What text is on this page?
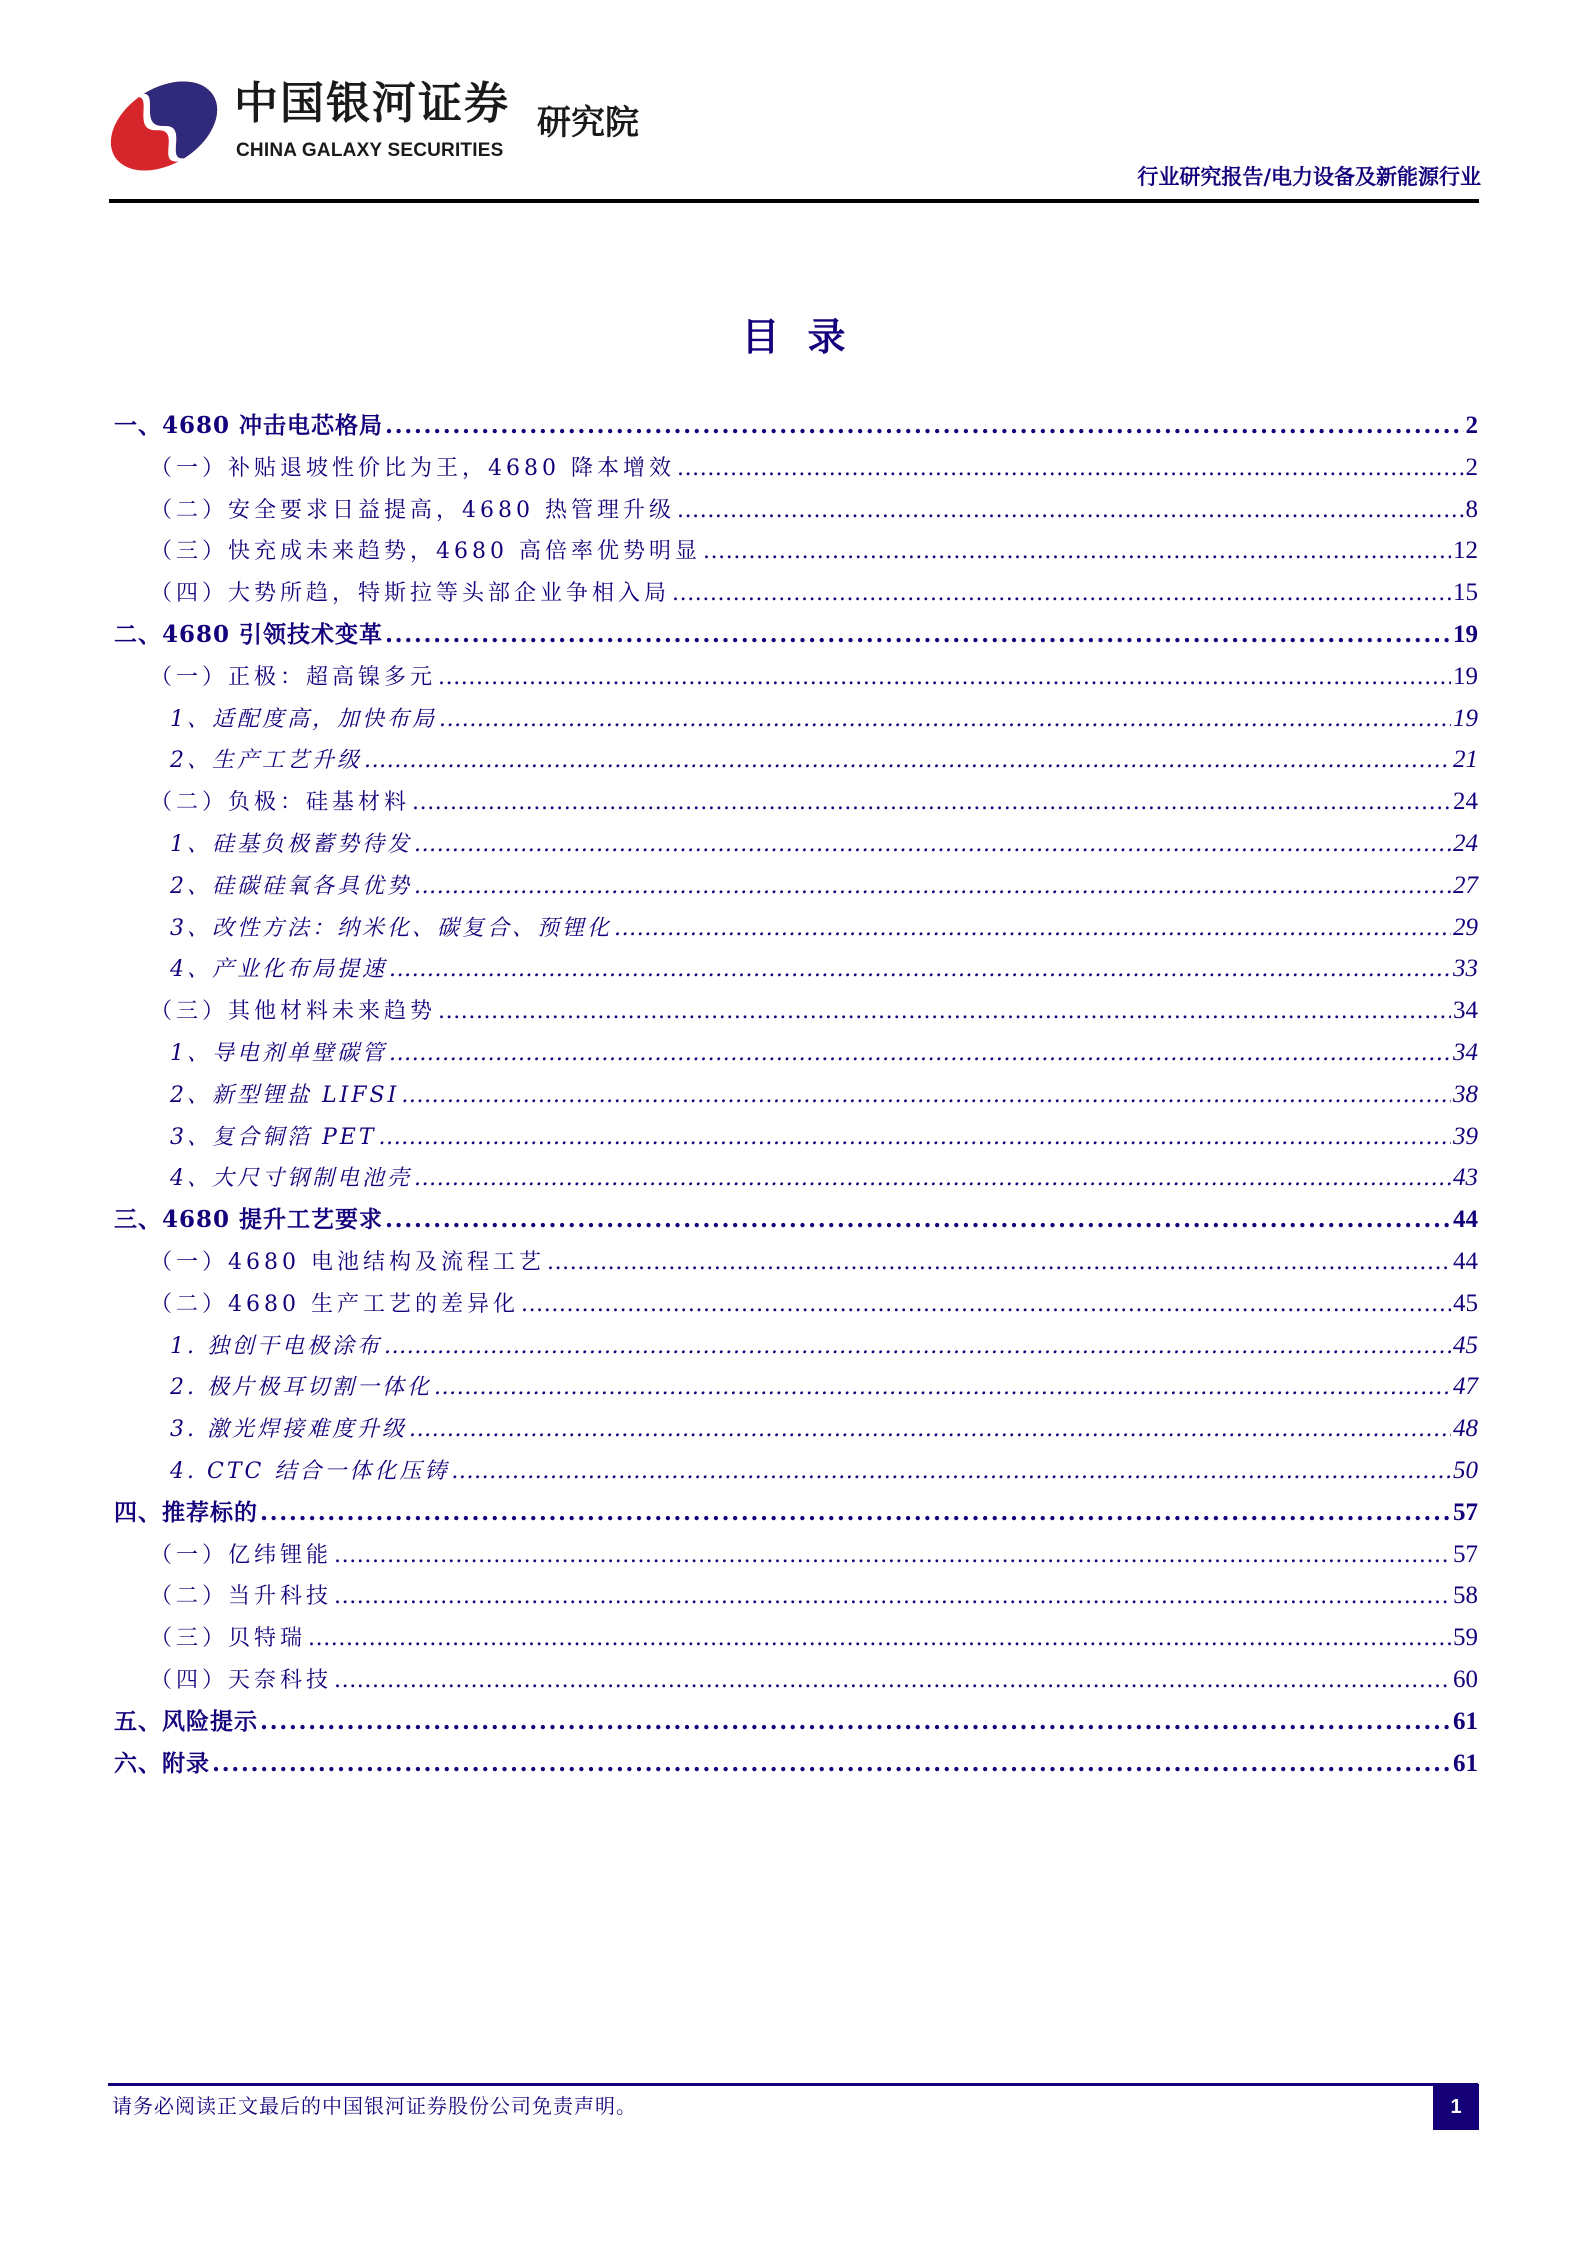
中国银河证券
CHINA GALAXY SECURITIES
研究院
行业研究报告/电力设备及新能源行业
目录
一、4680 冲击电芯格局 . . .	2
（一）补贴退坡性价比为王，4680 降本增效 . . .	2
（二）安全要求日益提高，4680 热管理升级 . . .	8
（三）快充成未来趋势，4680 高倍率优势明显 . . .	12
（四）大势所趋，特斯拉等头部企业争相入局 . . .	15
二、4680 引领技术变革 . . .	19
（一）正极：超高镍多元 . . .	19
1、适配度高，加快布局 . . .	19
2、生产工艺升级 . . .	21
（二）负极：硅基材料 . . .	24
1、硅基负极蓄势待发 . . .	24
2、硅碳硅氧各具优势 . . .	27
3、改性方法：纳米化、碳复合、预锂化 . . .	29
4、产业化布局提速 . . .	33
（三）其他材料未来趋势 . . .	34
1、导电剂单壁碳管 . . .	34
2、新型锂盐 LIFSI . . .	38
3、复合铜箔 PET . . .	39
4、大尺寸钢制电池壳 . . .	43
三、4680 提升工艺要求 . . .	44
（一）4680 电池结构及流程工艺 . . .	44
（二）4680 生产工艺的差异化 . . .	45
1. 独创干电极涂布 . . .	45
2. 极片极耳切割一体化 . . .	47
3. 激光焊接难度升级 . . .	48
4. CTC 结合一体化压铸 . . .	50
四、推荐标的 . . .	57
（一）亿纬锂能 . . .	57
（二）当升科技 . . .	58
（三）贝特瑞 . . .	59
（四）天奈科技 . . .	60
五、风险提示 . . .	61
六、附录 . . .	61
请务必阅读正文最后的中国银河证券股份公司免责声明。	1
